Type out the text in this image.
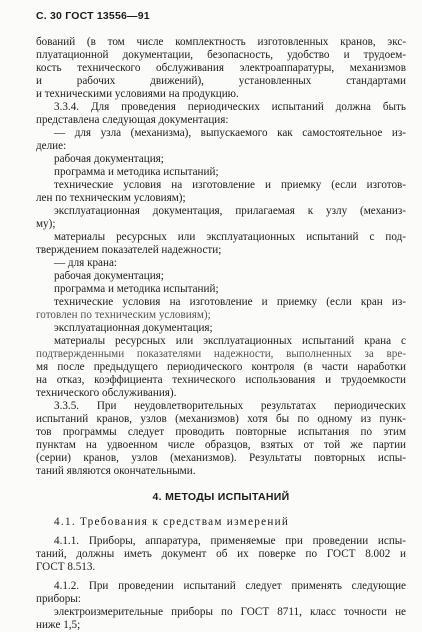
С. 30 ГОСТ 13556—91
бований (в том числе комплектность изготовленных кранов, экс-
плуатационной документации, безопасность, удобство и трудоем-
кость технического обслуживания электроаппаратуры, механизмов
и рабочих движений), установленных стандартами
и техническими условиями на продукцию.
3.3.4. Для проведения периодических испытаний должна быть
представлена следующая документация:
— для узла (механизма), выпускаемого как самостоятельное из-
делие:
рабочая документация;
программа и методика испытаний;
технические условия на изготовление и приемку (если изготов-
лен по техническим условиям);
эксплуатационная документация, прилагаемая к узлу (механиз-
му);
материалы ресурсных или эксплуатационных испытаний с под-
тверждением показателей надежности;
— для крана:
рабочая документация;
программа и методика испытаний;
технические условия на изготовление и приемку (если кран из-
готовлен по техническим условиям);
эксплуатационная документация;
материалы ресурсных или эксплуатационных испытаний крана с
подтвержденными показателями надежности, выполненных за вре-
мя после предыдущего периодического контроля (в части наработки
на отказ, коэффициента технического использования и трудоемкости
технического обслуживания).
3.3.5. При неудовлетворительных результатах периодических
испытаний кранов, узлов (механизмов) хотя бы по одному из пунк-
тов программы следует проводить повторные испытания по этим
пунктам на удвоенном числе образцов, взятых от той же партии
(серии) кранов, узлов (механизмов). Результаты повторных испы-
таний являются окончательными.
4. МЕТОДЫ ИСПЫТАНИЙ
4.1. Требования к средствам измерений
4.1.1. Приборы, аппаратура, применяемые при проведении испы-
таний, должны иметь документ об их поверке по ГОСТ 8.002 и
ГОСТ 8.513.
4.1.2. При проведении испытаний следует применять следующие
приборы:
электроизмерительные приборы по ГОСТ 8711, класс точности не
ниже 1,5;
